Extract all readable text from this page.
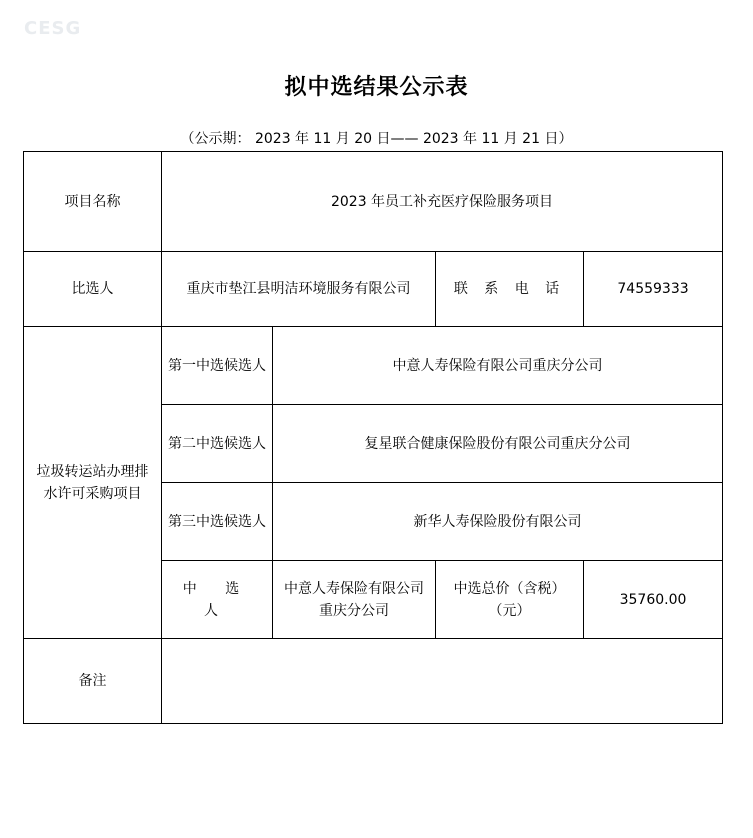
CESG
拟中选结果公示表
（公示期： 2023 年 11 月 20 日—— 2023 年 11 月 21 日）
项目名称	2023 年员工补充医疗保险服务项目			
比选人	重庆市垫江县明洁环境服务有限公司		联 系 电 话	74559333
垃圾转运站办理排水许可采购项目	第一中选候选人	中意人寿保险有限公司重庆分公司		
	第二中选候选人	复星联合健康保险股份有限公司重庆分公司		
	第三中选候选人	新华人寿保险股份有限公司		
	中 选 人	中意人寿保险有限公司重庆分公司	中选总价（含税）（元）	35760.00
备注				
